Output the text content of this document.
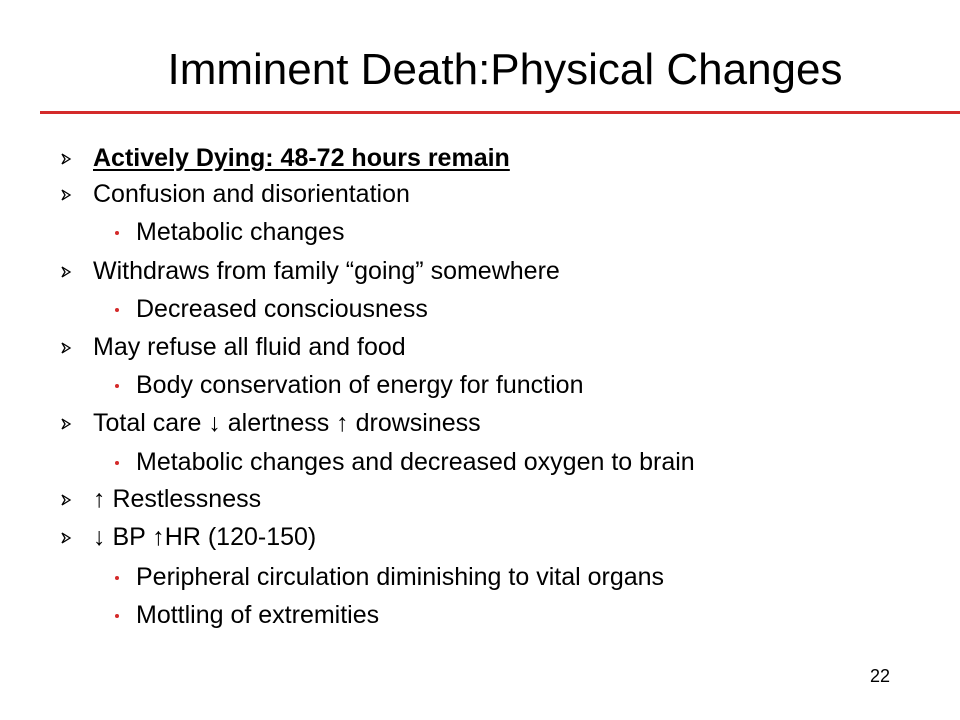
Imminent Death:Physical Changes
Actively Dying: 48-72 hours remain
Confusion and disorientation
Metabolic changes
Withdraws from family “going” somewhere
Decreased consciousness
May refuse all fluid and food
Body conservation of energy for function
Total care ↓ alertness ↑ drowsiness
Metabolic changes and decreased oxygen to brain
↑ Restlessness
↓ BP ↑HR (120-150)
Peripheral circulation diminishing to vital organs
Mottling of extremities
22
